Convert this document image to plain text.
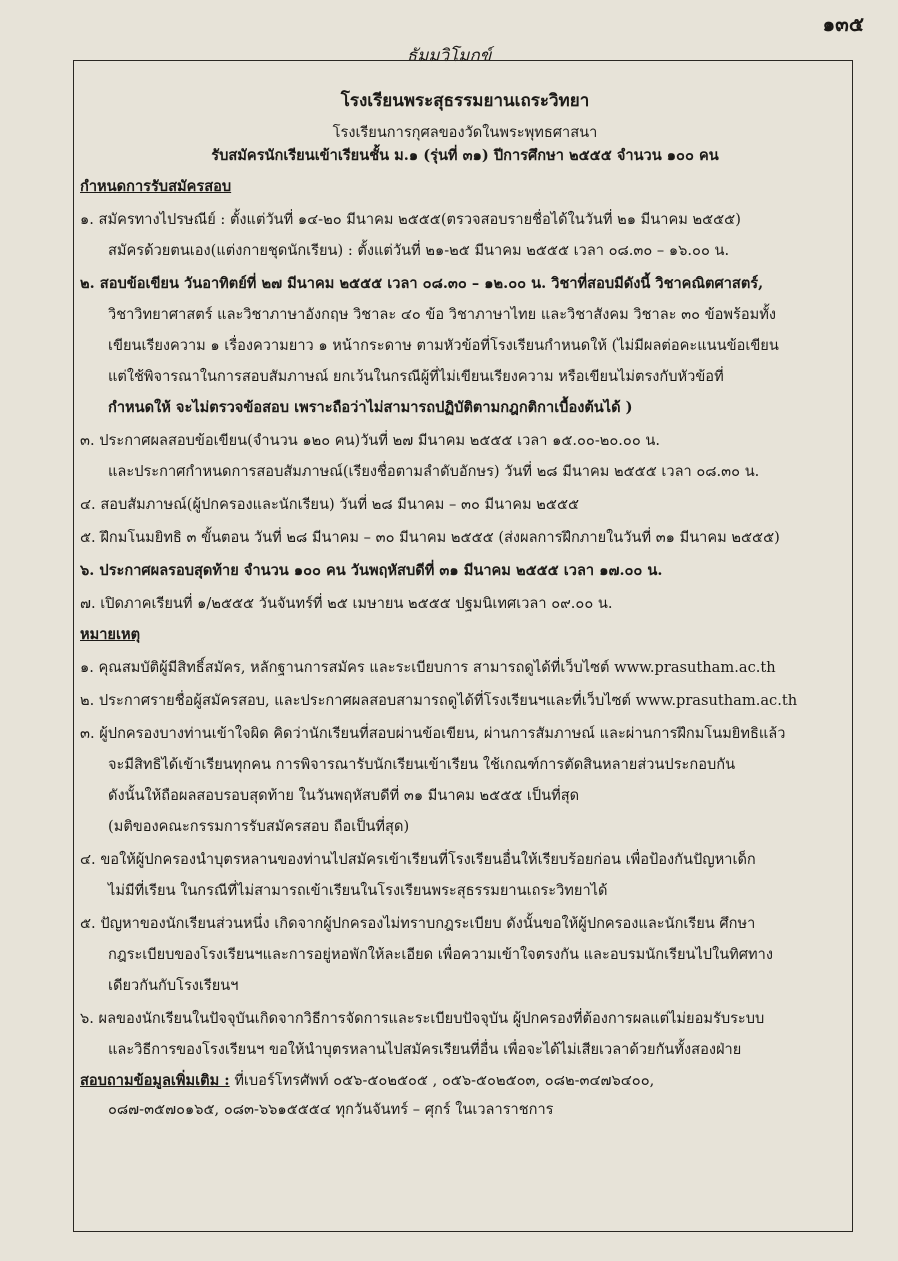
๑๓๕
ธัมมวิโมกข์
โรงเรียนพระสุธรรมยานเถระวิทยา
โรงเรียนการกุศลของวัดในพระพุทธศาสนา
รับสมัครนักเรียนเข้าเรียนชั้น ม.๑ (รุ่นที่ ๓๑) ปีการศึกษา ๒๕๕๕ จำนวน ๑๐๐ คน
กำหนดการรับสมัครสอบ
๑. สมัครทางไปรษณีย์ : ตั้งแต่วันที่ ๑๔-๒๐ มีนาคม ๒๕๕๕(ตรวจสอบรายชื่อได้ในวันที่ ๒๑ มีนาคม ๒๕๕๕)
สมัครด้วยตนเอง(แต่งกายชุดนักเรียน) : ตั้งแต่วันที่ ๒๑-๒๕ มีนาคม ๒๕๕๕ เวลา ๐๘.๓๐ – ๑๖.๐๐ น.
๒. สอบข้อเขียน วันอาทิตย์ที่ ๒๗ มีนาคม ๒๕๕๕ เวลา ๐๘.๓๐ – ๑๒.๐๐ น. วิชาที่สอบมีดังนี้ วิชาคณิตศาสตร์,
วิชาวิทยาศาสตร์ และวิชาภาษาอังกฤษ วิชาละ ๔๐ ข้อ วิชาภาษาไทย และวิชาสังคม วิชาละ ๓๐ ข้อพร้อมทั้ง
เขียนเรียงความ ๑ เรื่องความยาว ๑ หน้ากระดาษ ตามหัวข้อที่โรงเรียนกำหนดให้ (ไม่มีผลต่อคะแนนข้อเขียน
แต่ใช้พิจารณาในการสอบสัมภาษณ์ ยกเว้นในกรณีผู้ที่ไม่เขียนเรียงความ หรือเขียนไม่ตรงกับหัวข้อที่
กำหนดให้ จะไม่ตรวจข้อสอบ เพราะถือว่าไม่สามารถปฏิบัติตามกฎกติกาเบื้องต้นได้ )
๓. ประกาศผลสอบข้อเขียน(จำนวน ๑๒๐ คน)วันที่ ๒๗ มีนาคม ๒๕๕๕ เวลา ๑๕.๐๐-๒๐.๐๐ น.
และประกาศกำหนดการสอบสัมภาษณ์(เรียงชื่อตามลำดับอักษร) วันที่ ๒๘ มีนาคม ๒๕๕๕ เวลา ๐๘.๓๐ น.
๔. สอบสัมภาษณ์(ผู้ปกครองและนักเรียน) วันที่ ๒๘ มีนาคม – ๓๐ มีนาคม ๒๕๕๕
๕. ฝึกมโนมยิทธิ ๓ ขั้นตอน วันที่ ๒๘ มีนาคม – ๓๐ มีนาคม ๒๕๕๕ (ส่งผลการฝึกภายในวันที่ ๓๑ มีนาคม ๒๕๕๕)
๖. ประกาศผลรอบสุดท้าย จำนวน ๑๐๐ คน วันพฤหัสบดีที่ ๓๑ มีนาคม ๒๕๕๕ เวลา ๑๗.๐๐ น.
๗. เปิดภาคเรียนที่ ๑/๒๕๕๕ วันจันทร์ที่ ๒๕ เมษายน ๒๕๕๕ ปฐมนิเทศเวลา ๐๙.๐๐ น.
หมายเหตุ
๑. คุณสมบัติผู้มีสิทธิ์สมัคร, หลักฐานการสมัคร และระเบียบการ สามารถดูได้ที่เว็บไซต์ www.prasutham.ac.th
๒. ประกาศรายชื่อผู้สมัครสอบ, และประกาศผลสอบสามารถดูได้ที่โรงเรียนฯและที่เว็บไซต์ www.prasutham.ac.th
๓. ผู้ปกครองบางท่านเข้าใจผิด คิดว่านักเรียนที่สอบผ่านข้อเขียน, ผ่านการสัมภาษณ์ และผ่านการฝึกมโนมยิทธิแล้ว
จะมีสิทธิได้เข้าเรียนทุกคน การพิจารณารับนักเรียนเข้าเรียน ใช้เกณฑ์การตัดสินหลายส่วนประกอบกัน
ดังนั้นให้ถือผลสอบรอบสุดท้าย ในวันพฤหัสบดีที่ ๓๑ มีนาคม ๒๕๕๕ เป็นที่สุด
(มติของคณะกรรมการรับสมัครสอบ ถือเป็นที่สุด)
๔. ขอให้ผู้ปกครองนำบุตรหลานของท่านไปสมัครเข้าเรียนที่โรงเรียนอื่นให้เรียบร้อยก่อน เพื่อป้องกันปัญหาเด็ก
ไม่มีที่เรียน ในกรณีที่ไม่สามารถเข้าเรียนในโรงเรียนพระสุธรรมยานเถระวิทยาได้
๕. ปัญหาของนักเรียนส่วนหนึ่ง เกิดจากผู้ปกครองไม่ทราบกฎระเบียบ ดังนั้นขอให้ผู้ปกครองและนักเรียน ศึกษา
กฎระเบียบของโรงเรียนฯและการอยู่หอพักให้ละเอียด เพื่อความเข้าใจตรงกัน และอบรมนักเรียนไปในทิศทาง
เดียวกันกับโรงเรียนฯ
๖. ผลของนักเรียนในปัจจุบันเกิดจากวิธีการจัดการและระเบียบปัจจุบัน ผู้ปกครองที่ต้องการผลแต่ไม่ยอมรับระบบ
และวิธีการของโรงเรียนฯ ขอให้นำบุตรหลานไปสมัครเรียนที่อื่น เพื่อจะได้ไม่เสียเวลาด้วยกันทั้งสองฝ่าย
สอบถามข้อมูลเพิ่มเติม : ที่เบอร์โทรศัพท์ ๐๕๖-๕๐๒๕๐๕ , ๐๕๖-๕๐๒๕๐๓, ๐๘๒-๓๔๗๖๔๐๐,
๐๘๗-๓๕๗๐๑๖๕, ๐๘๓-๖๖๑๕๕๕๔ ทุกวันจันทร์ – ศุกร์ ในเวลาราชการ
